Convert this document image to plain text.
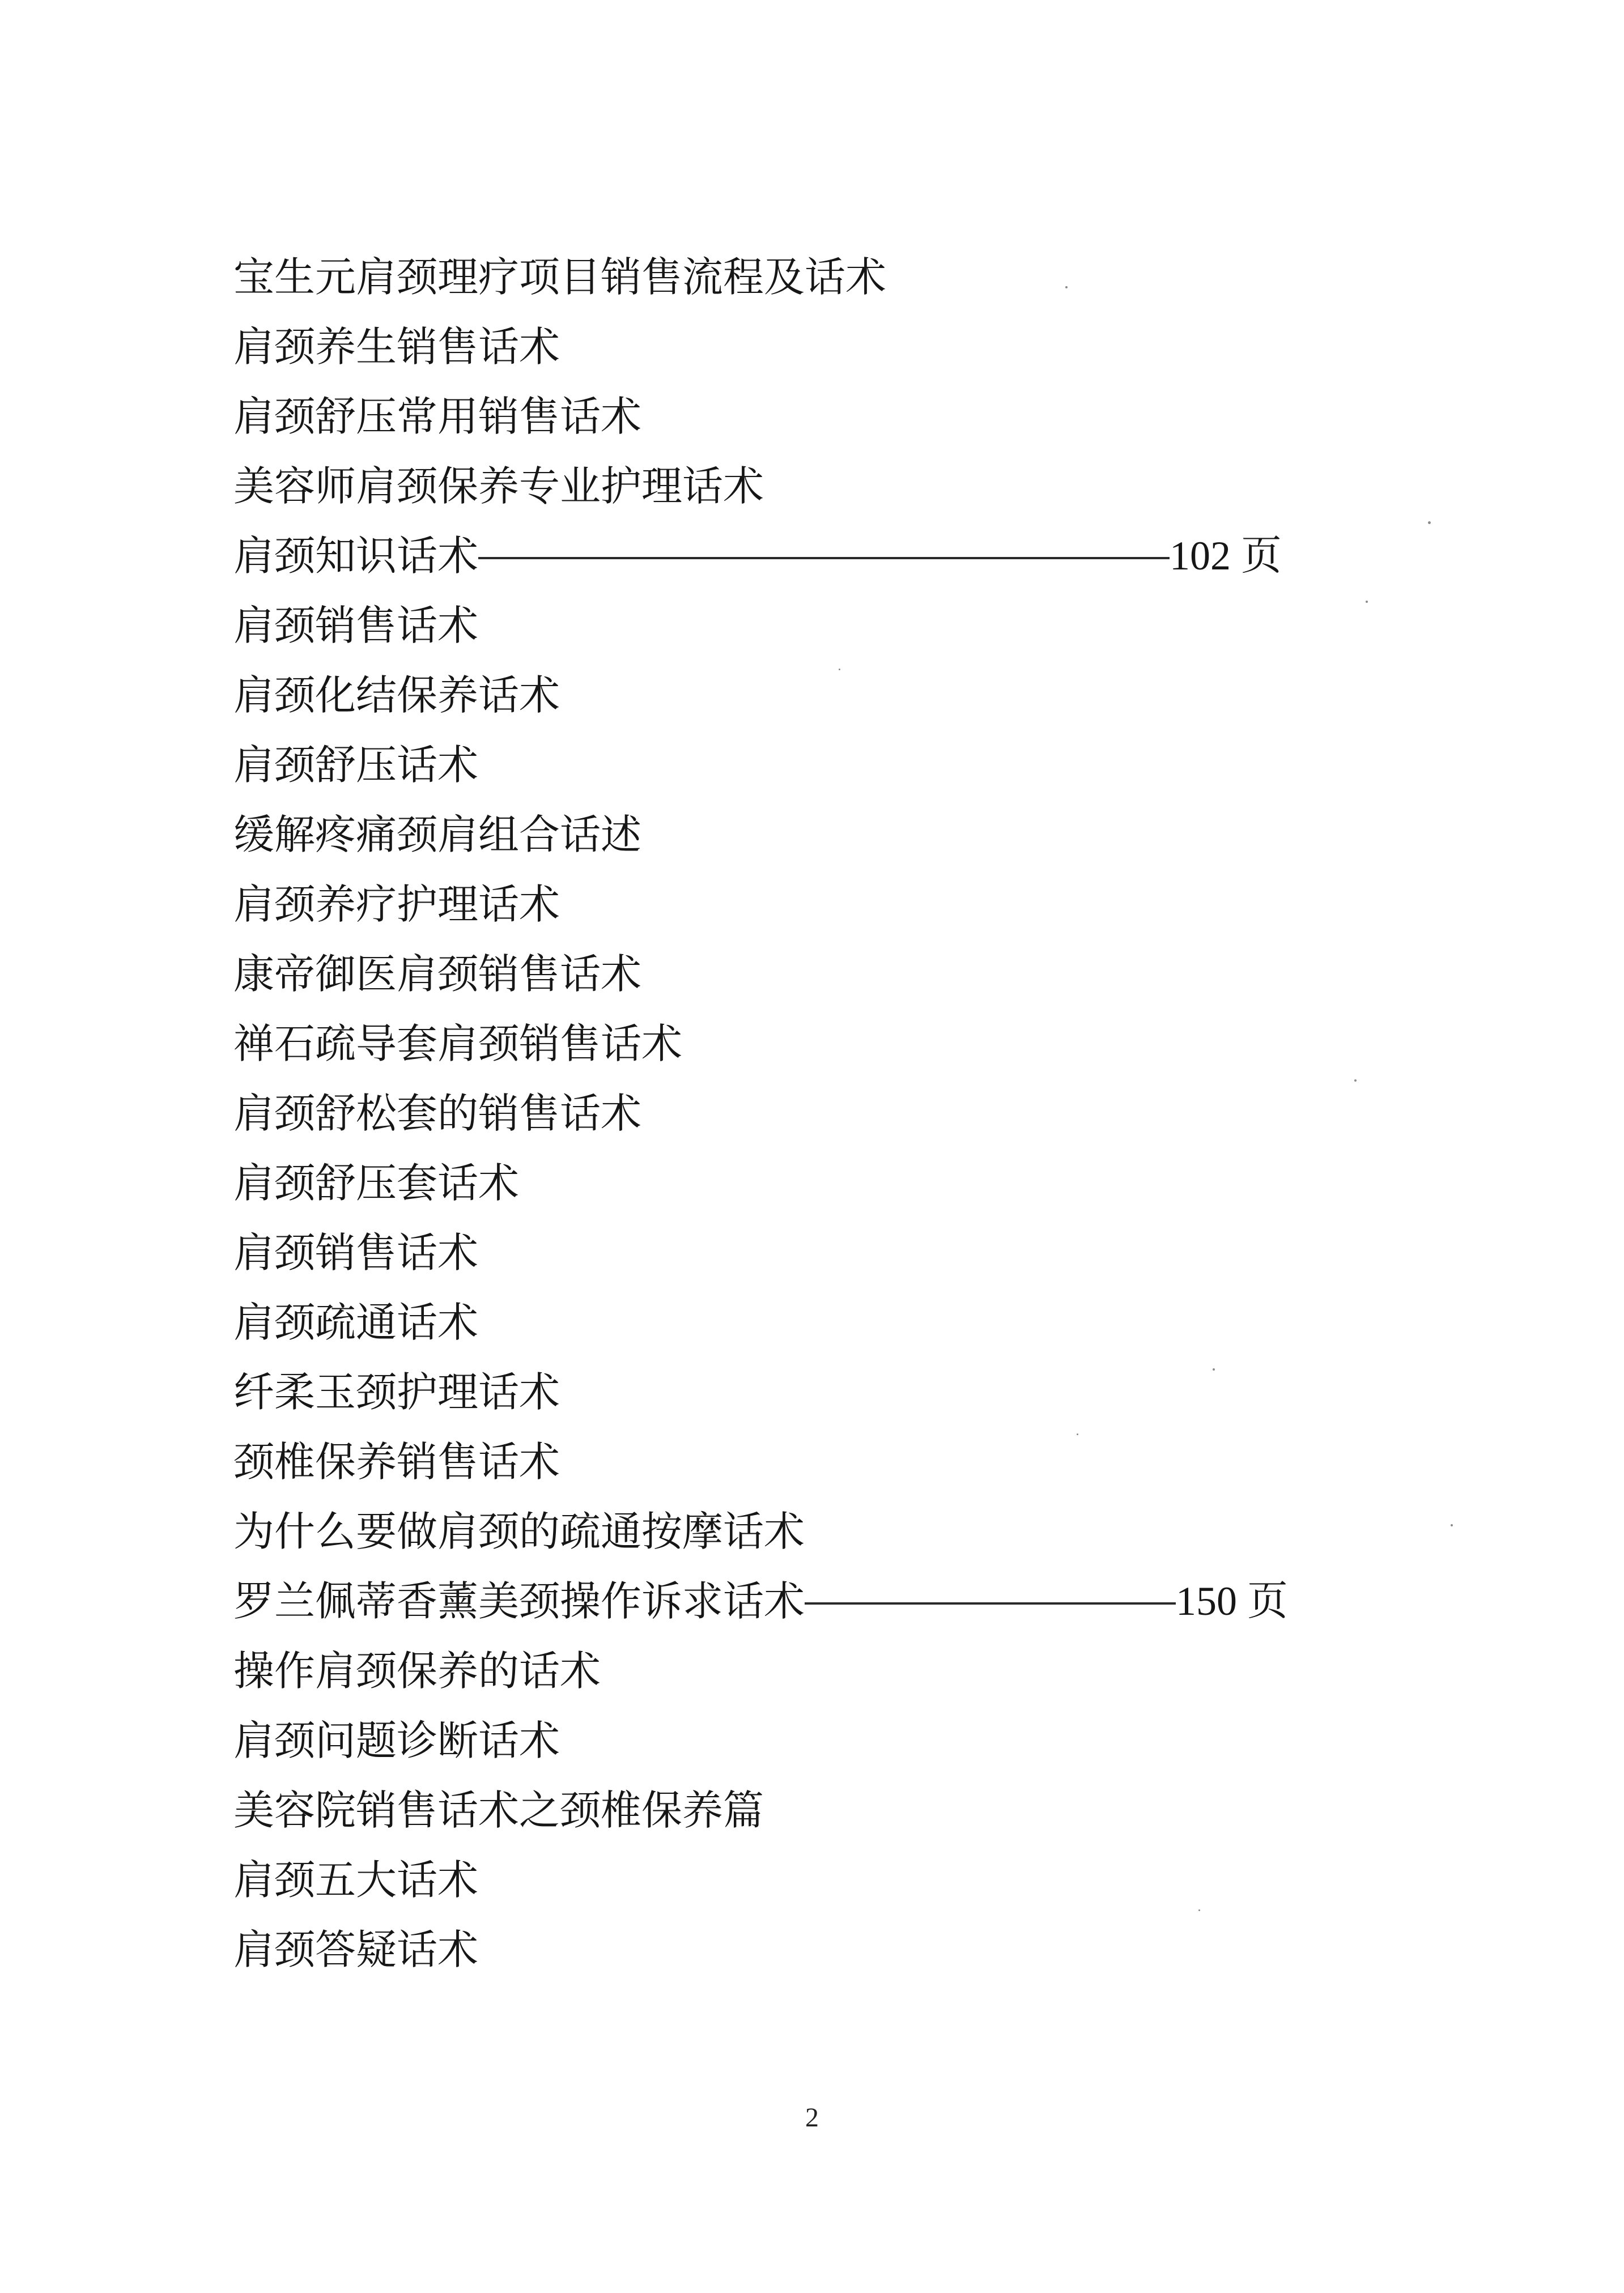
宝生元肩颈理疗项目销售流程及话术
肩颈养生销售话术
肩颈舒压常用销售话术
美容师肩颈保养专业护理话术
肩颈知识话术	102 页
肩颈销售话术
肩颈化结保养话术
肩颈舒压话术
缓解疼痛颈肩组合话述
肩颈养疗护理话术
康帝御医肩颈销售话术
禅石疏导套肩颈销售话术
肩颈舒松套的销售话术
肩颈舒压套话术
肩颈销售话术
肩颈疏通话术
纤柔玉颈护理话术
颈椎保养销售话术
为什么要做肩颈的疏通按摩话术
罗兰佩蒂香薰美颈操作诉求话术	150 页
操作肩颈保养的话术
肩颈问题诊断话术
美容院销售话术之颈椎保养篇
肩颈五大话术
肩颈答疑话术
2
